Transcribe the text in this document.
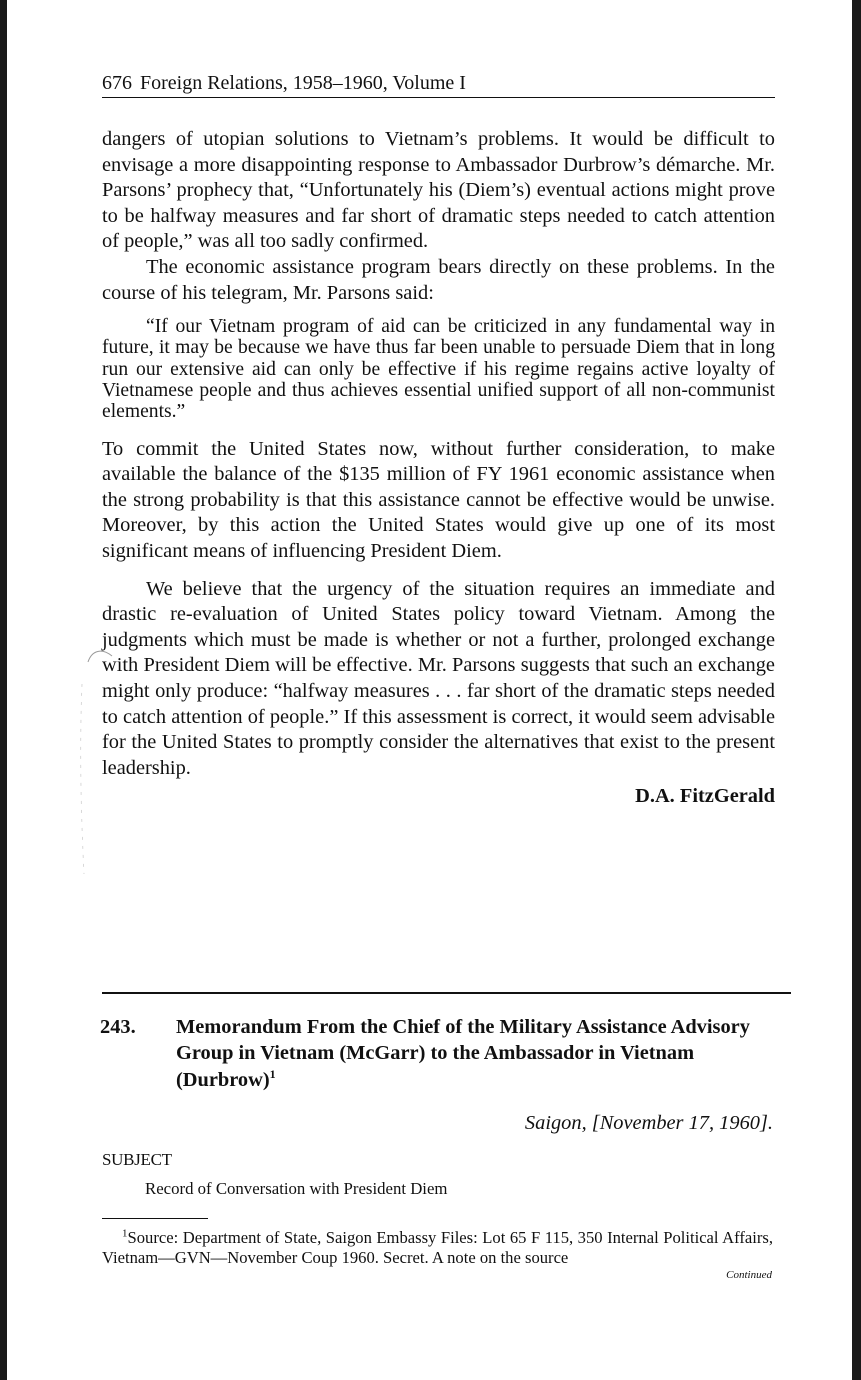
676 Foreign Relations, 1958–1960, Volume I

dangers of utopian solutions to Vietnam’s problems. It would be difficult to envisage a more disappointing response to Ambassador Durbrow’s démarche. Mr. Parsons’ prophecy that, “Unfortunately his (Diem’s) eventual actions might prove to be halfway measures and far short of dramatic steps needed to catch attention of people,” was all too sadly confirmed.

The economic assistance program bears directly on these problems. In the course of his telegram, Mr. Parsons said:

“If our Vietnam program of aid can be criticized in any fundamental way in future, it may be because we have thus far been unable to persuade Diem that in long run our extensive aid can only be effective if his regime regains active loyalty of Vietnamese people and thus achieves essential unified support of all non-communist elements.”

To commit the United States now, without further consideration, to make available the balance of the $135 million of FY 1961 economic assistance when the strong probability is that this assistance cannot be effective would be unwise. Moreover, by this action the United States would give up one of its most significant means of influencing President Diem.

We believe that the urgency of the situation requires an immediate and drastic re-evaluation of United States policy toward Vietnam. Among the judgments which must be made is whether or not a further, prolonged exchange with President Diem will be effective. Mr. Parsons suggests that such an exchange might only produce: “halfway measures . . . far short of the dramatic steps needed to catch attention of people.” If this assessment is correct, it would seem advisable for the United States to promptly consider the alternatives that exist to the present leadership.

D.A. FitzGerald
243. Memorandum From the Chief of the Military Assistance Advisory Group in Vietnam (McGarr) to the Ambassador in Vietnam (Durbrow)$^1$
Saigon, [November 17, 1960].
SUBJECT
Record of Conversation with President Diem
$^1$Source: Department of State, Saigon Embassy Files: Lot 65 F 115, 350 Internal Political Affairs, Vietnam—GVN—November Coup 1960. Secret. A note on the source
Continued
